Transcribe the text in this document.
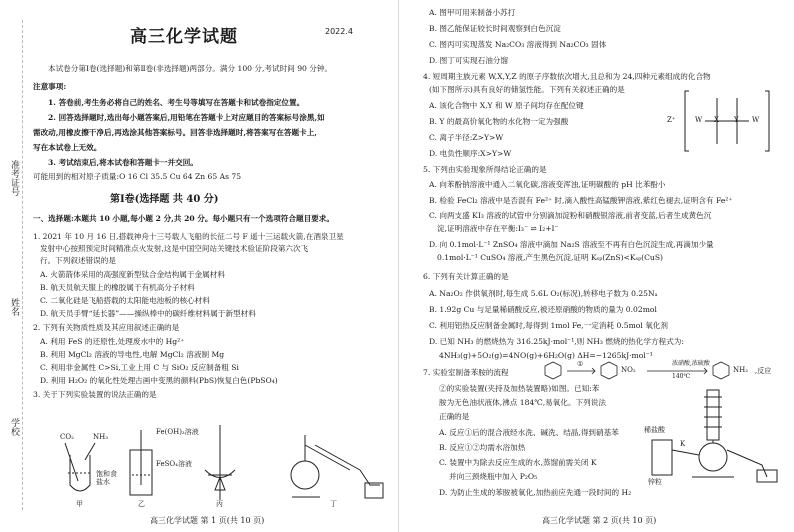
准考证号
姓名
学校
高三化学试题	2022.4
本试卷分第Ⅰ卷(选择题)和第Ⅱ卷(非选择题)两部分。满分 100 分,考试时间 90 分钟。
注意事项:
1. 答卷前,考生务必将自己的姓名、考生号等填写在答题卡和试卷指定位置。
2. 回答选择题时,选出每小题答案后,用铅笔在答题卡上对应题目的答案标号涂黑,如
需改动,用橡皮擦干净后,再选涂其他答案标号。回答非选择题时,将答案写在答题卡上,
写在本试卷上无效。
3. 考试结束后,将本试卷和答题卡一并交回。
可能用到的相对原子质量:O 16 Cl 35.5 Cu 64 Zn 65 As 75
第Ⅰ卷(选择题 共 40 分)
一、选择题:本题共 10 小题,每小题 2 分,共 20 分。每小题只有一个选项符合题目要求。
1. 2021 年 10 月 16 日,搭载神舟十三号载人飞船的长征二号 F 遥十三运载火箭,在酒泉卫星
发射中心按照预定时间精准点火发射,这是中国空间站关键技术验证阶段第六次飞
行。下列叙述错误的是
A. 火箭箭体采用的高强度新型钛合金结构属于金属材料
B. 航天员航天服上的橡胶属于有机高分子材料
C. 二氧化硅是飞船搭载的太阳能电池板的核心材料
D. 航天员手臂“延长器”——操纵棒中的碳纤维材料属于新型材料
2. 下列有关物质性质及其应用叙述正确的是
A. 利用 FeS 的还原性,处理废水中的 Hg²⁺
B. 利用 MgCl₂ 溶液的导电性,电解 MgCl₂ 溶液制 Mg
C. 利用非金属性 C>Si,工业上用 C 与 SiO₂ 反应制备粗 Si
D. 利用 H₂O₂ 的氧化性处理古画中变黑的颜料(PbS)恢复白色(PbSO₄)
3. 关于下列实验装置的说法正确的是
CO₂	NH₃
饱和食盐水
甲
Fe(OH)₃溶液
FeSO₄溶液
乙	丙	丁
高三化学试题 第 1 页(共 10 页)
A. 图甲可用来制备小苏打
B. 图乙能保证较长时间观察到白色沉淀
C. 图丙可实现蒸发 Na₂CO₃ 溶液得到 Na₂CO₃ 固体
D. 图丁可实现石油分馏
4. 短周期主族元素 W,X,Y,Z 的原子序数依次增大,且总和为 24,四种元素组成的化合物
(如下图所示)具有良好的储氢性能。下列有关叙述正确的是
A. 该化合物中 X,Y 和 W 原子间均存在配位键
B. Y 的最高价氧化物的水化物一定为强酸
C. 离子半径:Z>Y>W
D. 电负性顺序:X>Y>W
Z⁺	W X Y W
5. 下列由实验现象所得结论正确的是
A. 向苯酚钠溶液中通入二氧化碳,溶液变浑浊,证明碳酸的 pH 比苯酚小
B. 检验 FeCl₂ 溶液中是否混有 Fe²⁺ 时,滴入酸性高锰酸钾溶液,紫红色褪去,证明含有 Fe²⁺
C. 向两支盛 KI₃ 溶液的试管中分别滴加淀粉和硝酸银溶液,前者变蓝,后者生成黄色沉
淀,证明溶液中存在平衡:I₃⁻ ⇌ I₂+I⁻
D. 向 0.1mol·L⁻¹ ZnSO₄ 溶液中滴加 Na₂S 溶液至不再有白色沉淀生成,再滴加少量
0.1mol·L⁻¹ CuSO₄ 溶液,产生黑色沉淀,证明 Kₛₚ(ZnS)<Kₛₚ(CuS)
6. 下列有关计算正确的是
A. Na₂O₂ 作供氧剂时,每生成 5.6L O₂(标况),转移电子数为 0.25Nₐ
B. 1.92g Cu 与足量稀硝酸反应,被还原硝酸的物质的量为 0.02mol
C. 利用铝热反应制备金属时,每得到 1mol Fe,一定消耗 0.5mol 氧化剂
D. 已知 NH₃ 的燃烧热为 316.25kJ·mol⁻¹,则 NH₃ 燃烧的热化学方程式为:
4NH₃(g)+5O₂(g)=4NO(g)+6H₂O(g) ΔH=−1265kJ·mol⁻¹
7. 实验室制备苯胺的流程
①	浓硝酸,浓硫酸
140℃
NO₂	NH₂ ,反应
②的实验装置(夹持及加热装置略)如图。已知:苯
胺为无色油状液体,沸点 184℃,易氧化。下列说法
正确的是
A. 反应①后的混合液经水洗、碱洗、结晶,得到硝基苯
B. 反应①②均需水浴加热
C. 装置中为除去反应生成的水,蒸馏前需关闭 K
并向三颈烧瓶中加入 P₂O₅
D. 为防止生成的苯胺被氧化,加热前应先通一段时间的 H₂
稀盐酸
锌粒
K
高三化学试题 第 2 页(共 10 页)
